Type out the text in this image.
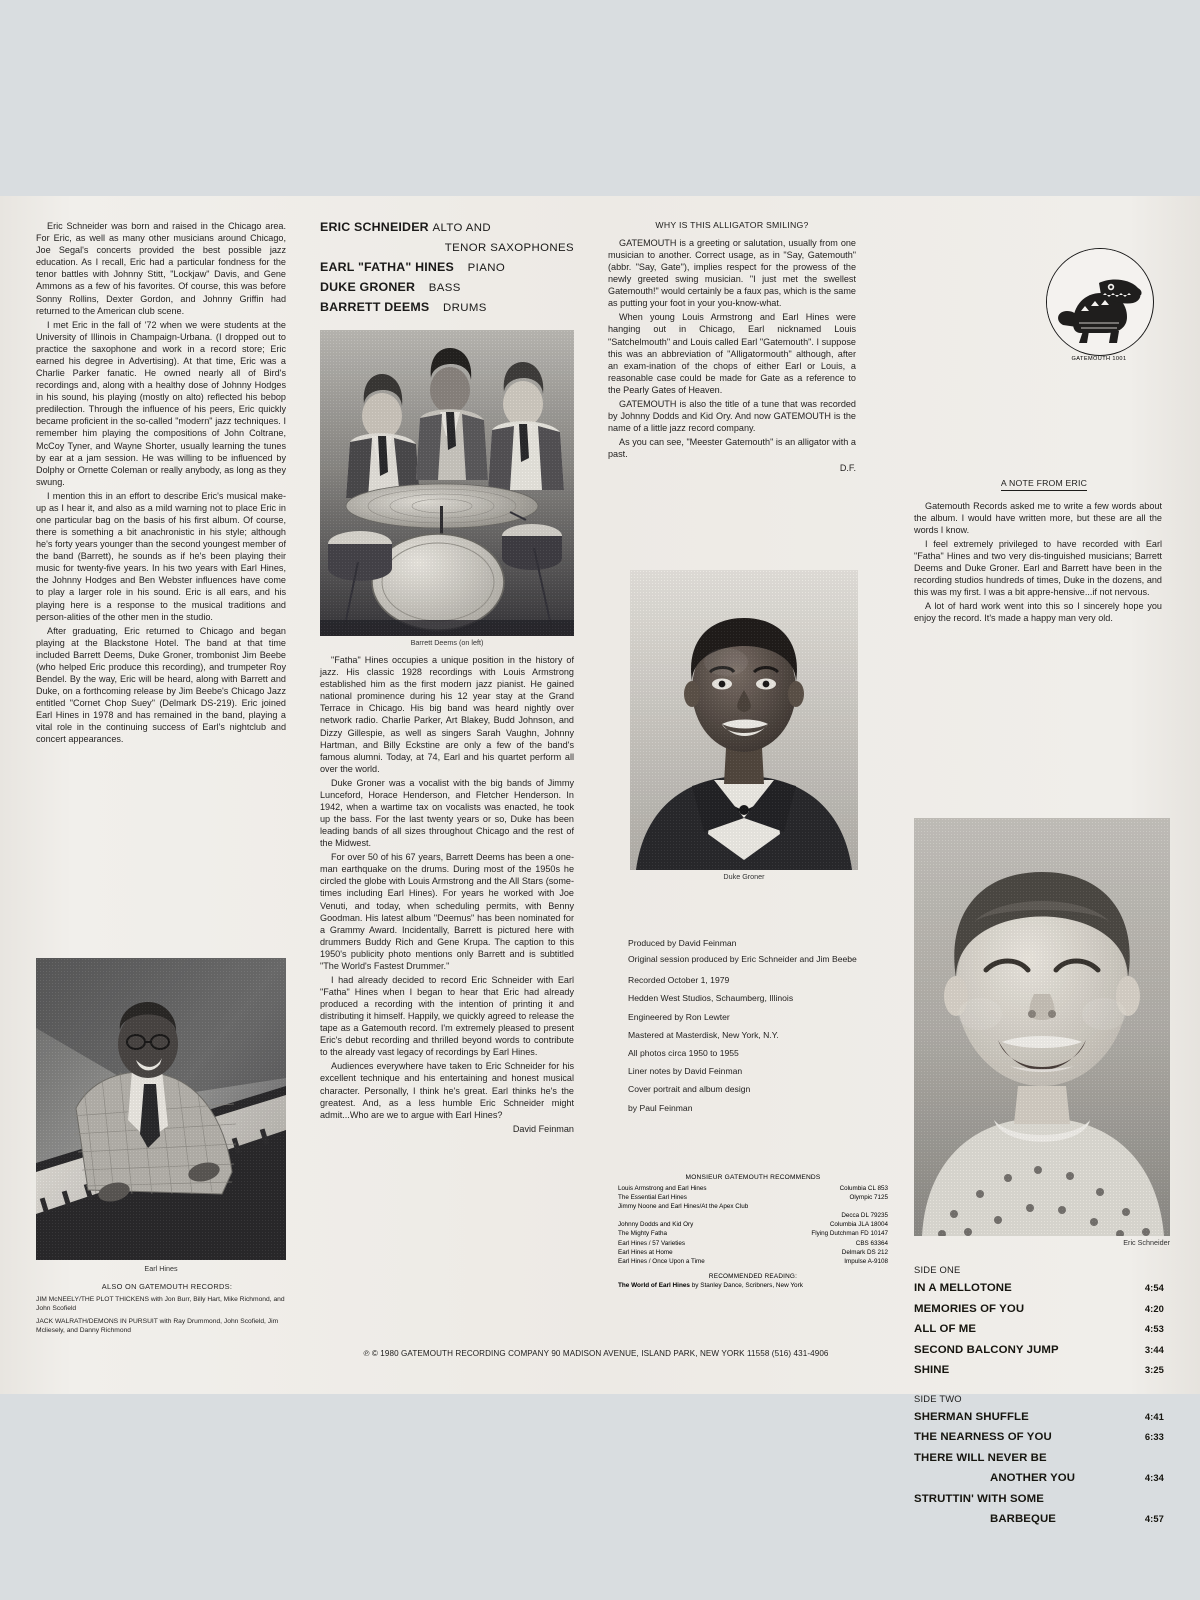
Eric Schneider was born and raised in the Chicago area. For Eric, as well as many other musicians around Chicago, Joe Segal's concerts provided the best possible jazz education. As I recall, Eric had a particular fondness for the tenor battles with Johnny Stitt, "Lockjaw" Davis, and Gene Ammons as a few of his favorites. Of course, this was before Sonny Rollins, Dexter Gordon, and Johnny Griffin had returned to the American club scene.

I met Eric in the fall of '72 when we were students at the University of Illinois in Champaign-Urbana. (I dropped out to practice the saxophone and work in a record store; Eric earned his degree in Advertising). At that time, Eric was a Charlie Parker fanatic. He owned nearly all of Bird's recordings and, along with a healthy dose of Johnny Hodges in his sound, his playing (mostly on alto) reflected his bebop predilection. Through the influence of his peers, Eric quickly became proficient in the so-called "modern" jazz techniques. I remember him playing the compositions of John Coltrane, McCoy Tyner, and Wayne Shorter, usually learning the tunes by ear at a jam session. He was willing to be influenced by Dolphy or Ornette Coleman or really anybody, as long as they swung.

I mention this in an effort to describe Eric's musical make-up as I hear it, and also as a mild warning not to place Eric in one particular bag on the basis of his first album. Of course, there is something a bit anachronistic in his style; although he's forty years younger than the second youngest member of the band (Barrett), he sounds as if he's been playing their music for twenty-five years. In his two years with Earl Hines, the Johnny Hodges and Ben Webster influences have come to play a larger role in his sound. Eric is all ears, and his playing here is a response to the musical traditions and person-alities of the other men in the studio.

After graduating, Eric returned to Chicago and began playing at the Blackstone Hotel. The band at that time included Barrett Deems, Duke Groner, trombonist Jim Beebe (who helped Eric produce this recording), and trumpeter Roy Bendel. By the way, Eric will be heard, along with Barrett and Duke, on a forthcoming release by Jim Beebe's Chicago Jazz entitled "Cornet Chop Suey" (Delmark DS-219). Eric joined Earl Hines in 1978 and has remained in the band, playing a vital role in the continuing success of Earl's nightclub and concert appearances.

Earl Hines
ALSO ON GATEMOUTH RECORDS:
JIM McNEELY/THE PLOT THICKENS with Jon Burr, Billy Hart, Mike Richmond, and John Scofield
JACK WALRATH/DEMONS IN PURSUIT with Ray Drummond, John Scofield, Jim Mcliesely, and Danny Richmond
ERIC SCHNEIDER ALTO AND
TENOR SAXOPHONES
EARL "FATHA" HINES PIANO
DUKE GRONER BASS
BARRETT DEEMS DRUMS
Barrett Deems (on left)

"Fatha" Hines occupies a unique position in the history of jazz. His classic 1928 recordings with Louis Armstrong established him as the first modern jazz pianist. He gained national prominence during his 12 year stay at the Grand Terrace in Chicago. His big band was heard nightly over network radio. Charlie Parker, Art Blakey, Budd Johnson, and Dizzy Gillespie, as well as singers Sarah Vaughn, Johnny Hartman, and Billy Eckstine are only a few of the band's famous alumni. Today, at 74, Earl and his quartet perform all over the world.

Duke Groner was a vocalist with the big bands of Jimmy Lunceford, Horace Henderson, and Fletcher Henderson. In 1942, when a wartime tax on vocalists was enacted, he took up the bass. For the last twenty years or so, Duke has been leading bands of all sizes throughout Chicago and the rest of the Midwest.

For over 50 of his 67 years, Barrett Deems has been a one-man earthquake on the drums. During most of the 1950s he circled the globe with Louis Armstrong and the All Stars (some-times including Earl Hines). For years he worked with Joe Venuti, and today, when scheduling permits, with Benny Goodman. His latest album "Deemus" has been nominated for a Grammy Award. Incidentally, Barrett is pictured here with drummers Buddy Rich and Gene Krupa. The caption to this 1950's publicity photo mentions only Barrett and is subtitled "The World's Fastest Drummer."

I had already decided to record Eric Schneider with Earl "Fatha" Hines when I began to hear that Eric had already produced a recording with the intention of printing it and distributing it himself. Happily, we quickly agreed to release the tape as a Gatemouth record. I'm extremely pleased to present Eric's debut recording and thrilled beyond words to contribute to the already vast legacy of recordings by Earl Hines.

Audiences everywhere have taken to Eric Schneider for his excellent technique and his entertaining and honest musical character. Personally, I think he's great. Earl thinks he's the greatest. And, as a less humble Eric Schneider might admit...Who are we to argue with Earl Hines?

David Feinman
WHY IS THIS ALLIGATOR SMILING?

GATEMOUTH is a greeting or salutation, usually from one musician to another. Correct usage, as in "Say, Gatemouth" (abbr. "Say, Gate"), implies respect for the prowess of the newly greeted swing musician. "I just met the swellest Gatemouth!" would certainly be a faux pas, which is the same as putting your foot in your you-know-what.

When young Louis Armstrong and Earl Hines were hanging out in Chicago, Earl nicknamed Louis "Satchelmouth" and Louis called Earl "Gatemouth". I suppose this was an abbreviation of "Alligatormouth" although, after an exam-ination of the chops of either Earl or Louis, a reasonable case could be made for Gate as a reference to the Pearly Gates of Heaven.

GATEMOUTH is also the title of a tune that was recorded by Johnny Dodds and Kid Ory. And now GATEMOUTH is the name of a little jazz record company.

As you can see, "Meester Gatemouth" is an alligator with a past.

D.F.
Duke Groner
Produced by David Feinman
Original session produced by Eric Schneider and Jim Beebe
Recorded October 1, 1979
Hedden West Studios, Schaumberg, Illinois
Engineered by Ron Lewter
Mastered at Masterdisk, New York, N.Y.
All photos circa 1950 to 1955
Liner notes by David Feinman
Cover portrait and album design
by Paul Feinman
MONSIEUR GATEMOUTH RECOMMENDS
Louis Armstrong and Earl Hines	Columbia CL 853
The Essential Earl Hines	Olympic 7125
Jimmy Noone and Earl Hines/At the Apex Club
Decca DL 79235
Johnny Dodds and Kid Ory	Columbia JLA 18004
The Mighty Fatha	Flying Dutchman FD 10147
Earl Hines / 57 Varieties	CBS 63364
Earl Hines at Home	Delmark DS 212
Earl Hines / Once Upon a Time	Impulse A-9108
RECOMMENDED READING:
The World of Earl Hines by Stanley Dance, Scribners, New York
GATEMOUTH 1001
A NOTE FROM ERIC

Gatemouth Records asked me to write a few words about the album. I would have written more, but these are all the words I know.

I feel extremely privileged to have recorded with Earl "Fatha" Hines and two very dis-tinguished musicians; Barrett Deems and Duke Groner. Earl and Barrett have been in the recording studios hundreds of times, Duke in the dozens, and this was my first. I was a bit appre-hensive...if not nervous.

A lot of hard work went into this so I sincerely hope you enjoy the record. It's made a happy man very old.

Eric Schneider
SIDE ONE
IN A MELLOTONE	4:54
MEMORIES OF YOU	4:20
ALL OF ME	4:53
SECOND BALCONY JUMP	3:44
SHINE	3:25
SIDE TWO
SHERMAN SHUFFLE	4:41
THE NEARNESS OF YOU	6:33
THERE WILL NEVER BE
ANOTHER YOU	4:34
STRUTTIN' WITH SOME
BARBEQUE	4:57
℗ © 1980 GATEMOUTH RECORDING COMPANY 90 MADISON AVENUE, ISLAND PARK, NEW YORK 11558 (516) 431-4906
